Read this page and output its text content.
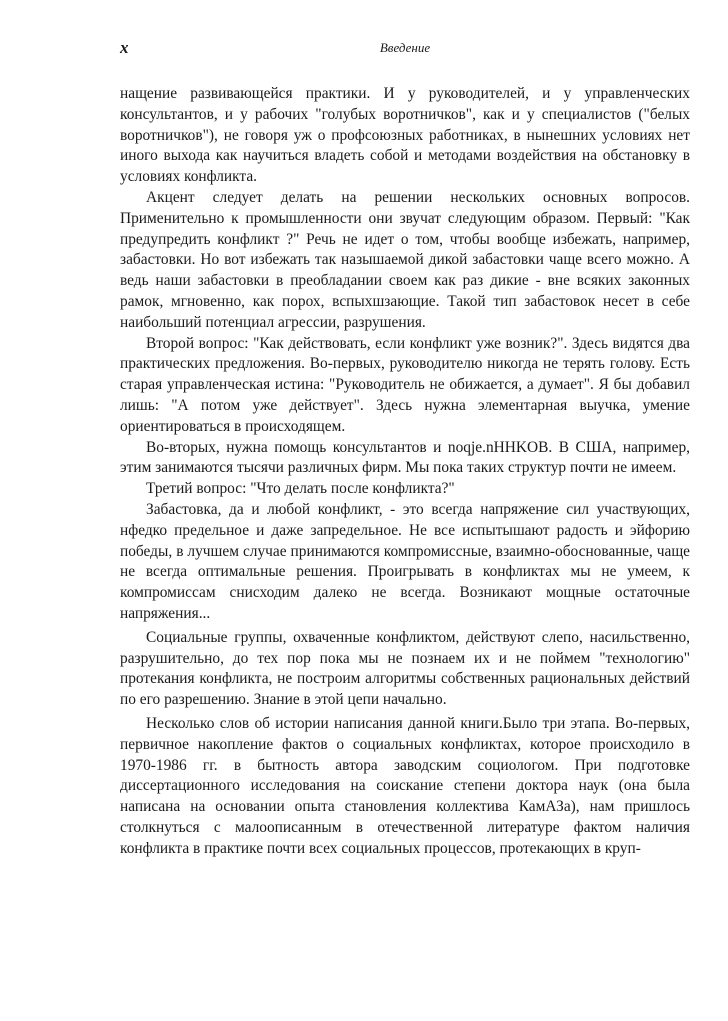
x	Введение

нащение развивающейся практики. И у руководителей, и у управленческих консультантов, и у рабочих "голубых воротничков", как и у специалистов ("белых воротничков"), не говоря уж о профсоюзных работниках, в нынешних условиях нет иного выхода как научиться владеть собой и методами воздействия на обстановку в условиях конфликта.

Акцент следует делать на решении нескольких основных вопросов. Применительно к промышленности они звучат следующим образом. Первый: "Как предупредить конфликт ?" Речь не идет о том, чтобы вообще избежать, например, забастовки. Но вот избежать так назышаемой дикой забастовки чаще всего можно. А ведь наши забастовки в преобладании своем как раз дикие - вне всяких законных рамок, мгновенно, как порох, вспыхшзающие. Такой тип забастовок несет в себе наибольший потенциал агрессии, разрушения.

Второй вопрос: "Как действовать, если конфликт уже возник?". Здесь видятся два практических предложения. Во-первых, руководителю никогда не терять голову. Есть старая управленческая истина: "Руководитель не обижается, а думает". Я бы добавил лишь: "А потом уже действует". Здесь нужна элементарная выучка, умение ориентироваться в происходящем.

Во-вторых, нужна помощь консультантов и noqje.nHHKOB. В США, например, этим занимаются тысячи различных фирм. Мы пока таких структур почти не имеем.

Третий вопрос: "Что делать после конфликта?"

Забастовка, да и любой конфликт, - это всегда напряжение сил участвующих, нфедко предельное и даже запредельное. Не все испытышают радость и эйфорию победы, в лучшем случае принимаются компромиссные, взаимно-обоснованные, чаще не всегда оптимальные решения. Проигрывать в конфликтах мы не умеем, к компромиссам снисходим далеко не всегда. Возникают мощные остаточные напряжения...

Социальные группы, охваченные конфликтом, действуют слепо, насильственно, разрушительно, до тех пор пока мы не познаем их и не поймем "технологию" протекания конфликта, не построим алгоритмы собственных рациональных действий по его разрешению. Знание в этой цепи начально.

Несколько слов об истории написания данной книги.Было три этапа. Во-первых, первичное накопление фактов о социальных конфликтах, которое происходило в 1970-1986 гг. в бытность автора заводским социологом. При подготовке диссертационного исследования на соискание степени доктора наук (она была написана на основании опыта становления коллектива КамАЗа), нам пришлось столкнуться с малоописанным в отечественной литературе фактом наличия конфликта в практике почти всех социальных процессов, протекающих в круп-
